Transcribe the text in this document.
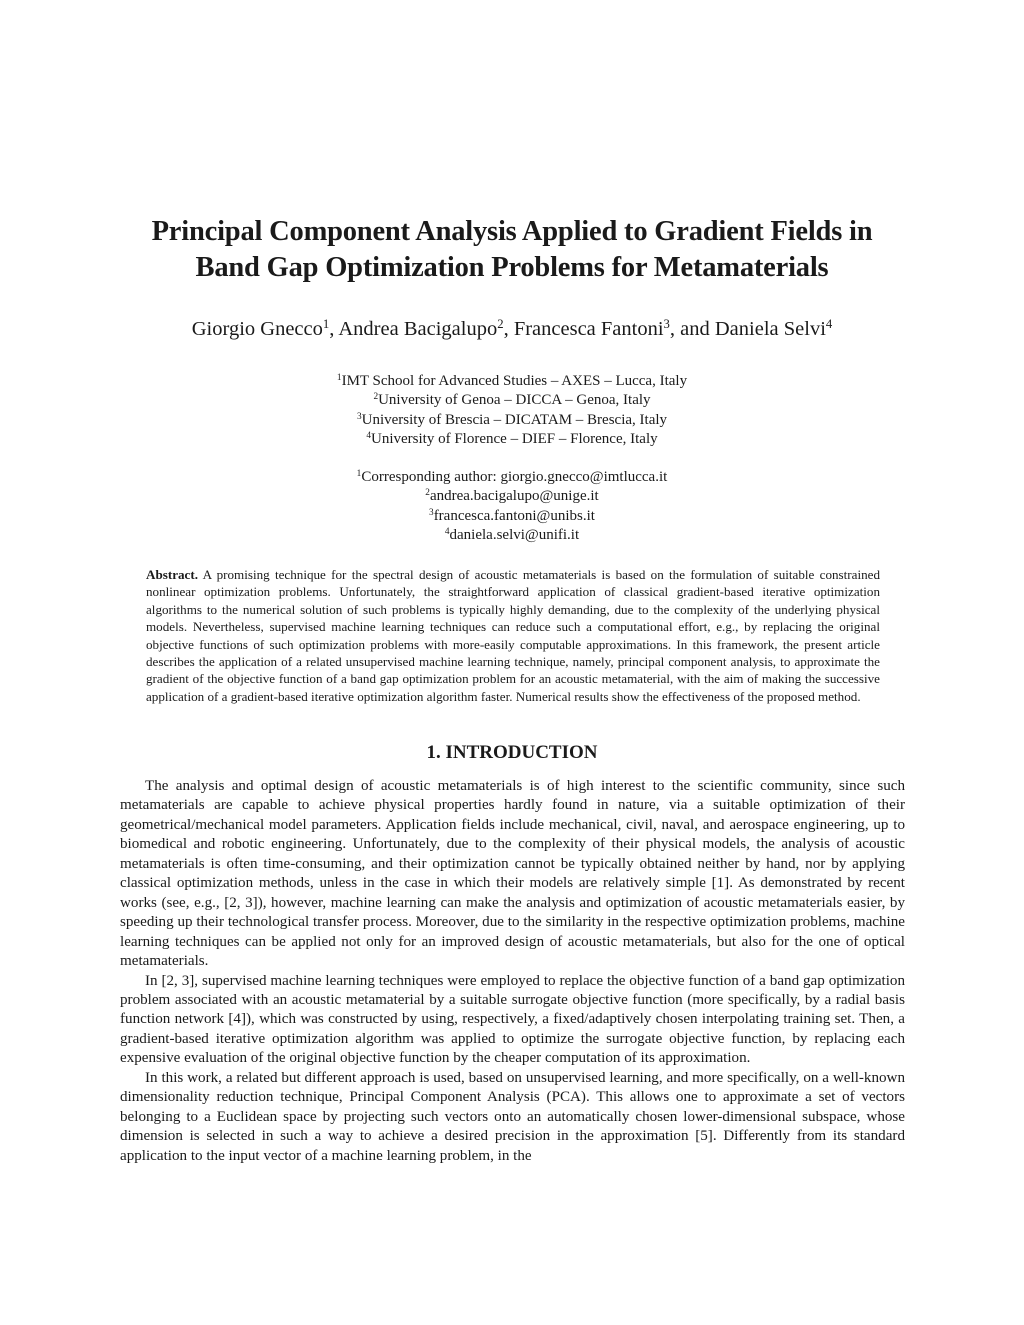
Principal Component Analysis Applied to Gradient Fields in
Band Gap Optimization Problems for Metamaterials
Giorgio Gnecco$^1$, Andrea Bacigalupo$^2$, Francesca Fantoni$^3$, and Daniela Selvi$^4$
$^1$IMT School for Advanced Studies – AXES – Lucca, Italy
$^2$University of Genoa – DICCA – Genoa, Italy
$^3$University of Brescia – DICATAM – Brescia, Italy
$^4$University of Florence – DIEF – Florence, Italy
$^1$Corresponding author: giorgio.gnecco@imtlucca.it
$^2$andrea.bacigalupo@unige.it
$^3$francesca.fantoni@unibs.it
$^4$daniela.selvi@unifi.it
Abstract. A promising technique for the spectral design of acoustic metamaterials is based on the formulation of suitable constrained nonlinear optimization problems. Unfortunately, the straightforward application of classical gradient-based iterative optimization algorithms to the numerical solution of such problems is typically highly demanding, due to the complexity of the underlying physical models. Nevertheless, supervised machine learning techniques can reduce such a computational effort, e.g., by replacing the original objective functions of such optimization problems with more-easily computable approximations. In this framework, the present article describes the application of a related unsupervised machine learning technique, namely, principal component analysis, to approximate the gradient of the objective function of a band gap optimization problem for an acoustic metamaterial, with the aim of making the successive application of a gradient-based iterative optimization algorithm faster. Numerical results show the effectiveness of the proposed method.
1. INTRODUCTION

The analysis and optimal design of acoustic metamaterials is of high interest to the scientific community, since such metamaterials are capable to achieve physical properties hardly found in nature, via a suitable optimization of their geometrical/mechanical model parameters. Application fields include mechanical, civil, naval, and aerospace engineering, up to biomedical and robotic engineering. Unfortunately, due to the complexity of their physical models, the analysis of acoustic metamaterials is often time-consuming, and their optimization cannot be typically obtained neither by hand, nor by applying classical optimization methods, unless in the case in which their models are relatively simple [1]. As demonstrated by recent works (see, e.g., [2, 3]), however, machine learning can make the analysis and optimization of acoustic metamaterials easier, by speeding up their technological transfer process. Moreover, due to the similarity in the respective optimization problems, machine learning techniques can be applied not only for an improved design of acoustic metamaterials, but also for the one of optical metamaterials.

In [2, 3], supervised machine learning techniques were employed to replace the objective function of a band gap optimization problem associated with an acoustic metamaterial by a suitable surrogate objective function (more specifically, by a radial basis function network [4]), which was constructed by using, respectively, a fixed/adaptively chosen interpolating training set. Then, a gradient-based iterative optimization algorithm was applied to optimize the surrogate objective function, by replacing each expensive evaluation of the original objective function by the cheaper computation of its approximation.

In this work, a related but different approach is used, based on unsupervised learning, and more specifically, on a well-known dimensionality reduction technique, Principal Component Analysis (PCA). This allows one to approximate a set of vectors belonging to a Euclidean space by projecting such vectors onto an automatically chosen lower-dimensional subspace, whose dimension is selected in such a way to achieve a desired precision in the approximation [5]. Differently from its standard application to the input vector of a machine learning problem, in the
